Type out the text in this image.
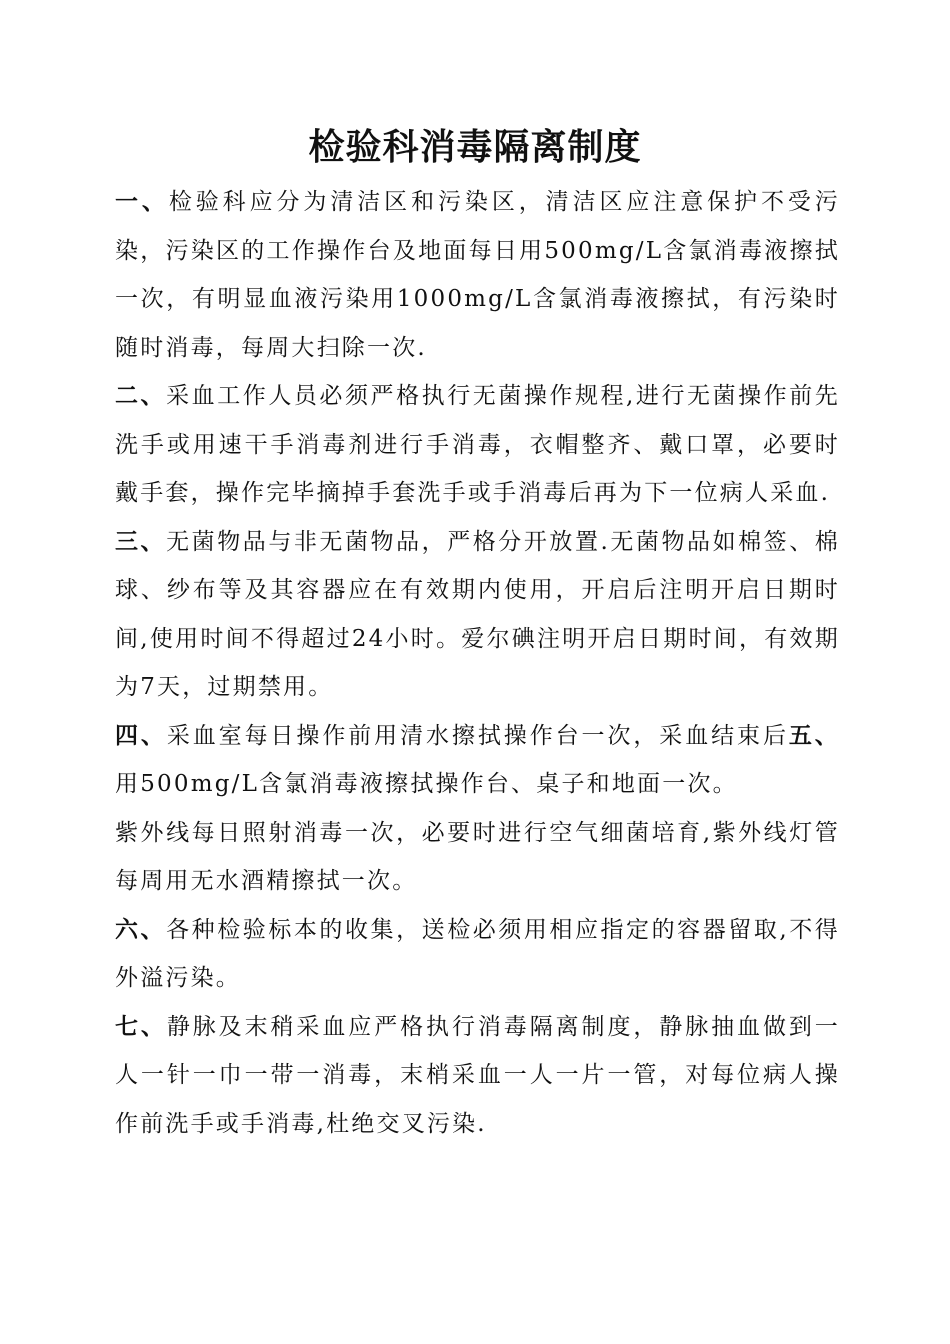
检验科消毒隔离制度

一、检验科应分为清洁区和污染区，清洁区应注意保护不受污染，污染区的工作操作台及地面每日用500mg/L含氯消毒液擦拭一次，有明显血液污染用1000mg/L含氯消毒液擦拭，有污染时随时消毒，每周大扫除一次.

二、采血工作人员必须严格执行无菌操作规程,进行无菌操作前先洗手或用速干手消毒剂进行手消毒，衣帽整齐、戴口罩，必要时戴手套，操作完毕摘掉手套洗手或手消毒后再为下一位病人采血.

三、无菌物品与非无菌物品，严格分开放置.无菌物品如棉签、棉球、纱布等及其容器应在有效期内使用，开启后注明开启日期时间,使用时间不得超过24小时。爱尔碘注明开启日期时间，有效期为7天，过期禁用。

四、采血室每日操作前用清水擦拭操作台一次，采血结束后五、用500mg/L含氯消毒液擦拭操作台、桌子和地面一次。

紫外线每日照射消毒一次，必要时进行空气细菌培育,紫外线灯管每周用无水酒精擦拭一次。

六、各种检验标本的收集，送检必须用相应指定的容器留取,不得外溢污染。

七、静脉及末稍采血应严格执行消毒隔离制度，静脉抽血做到一人一针一巾一带一消毒，末梢采血一人一片一管，对每位病人操作前洗手或手消毒,杜绝交叉污染.
